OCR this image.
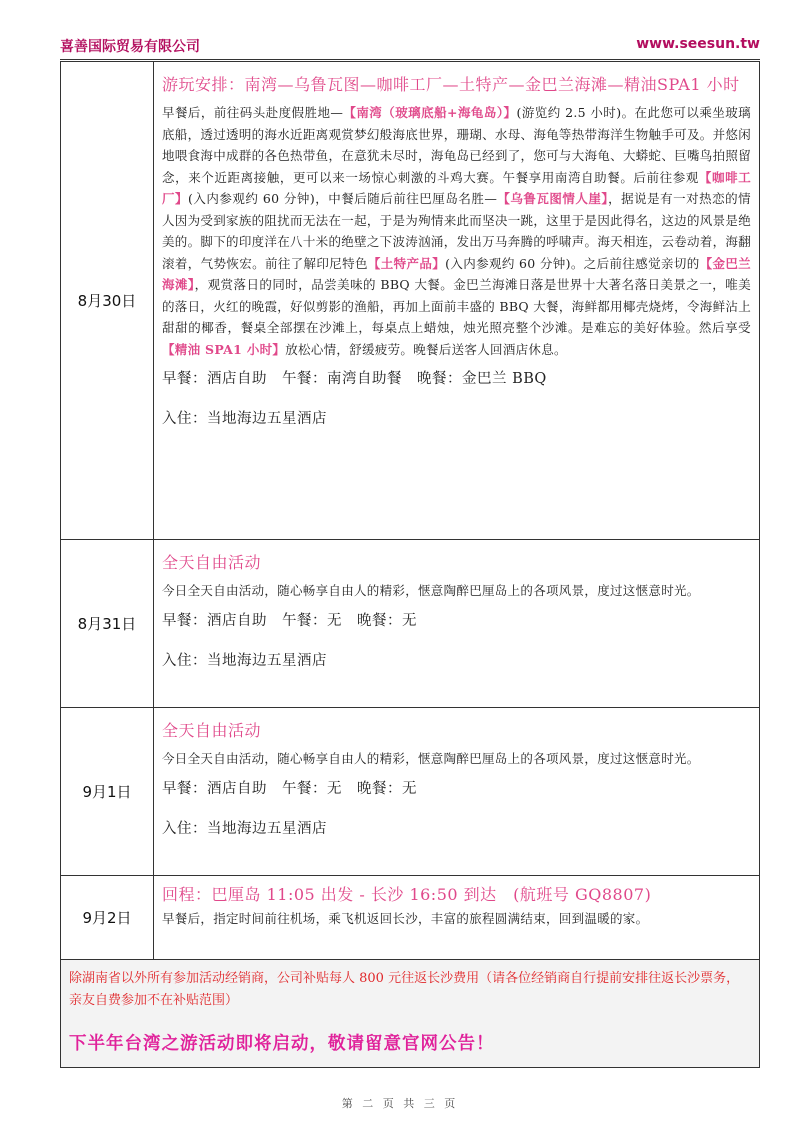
喜善国际贸易有限公司	www.seesun.tw
8月30日	游玩安排：南湾—乌鲁瓦图—咖啡工厂—土特产—金巴兰海滩—精油SPA1 小时
早餐后，前往码头赴度假胜地—【南湾（玻璃底船+海龟岛）】(游览约 2.5 小时)。在此您可以乘坐玻璃底船，透过透明的海水近距离观赏梦幻般海底世界，珊瑚、水母、海龟等热带海洋生物触手可及。并悠闲地喂食海中成群的各色热带鱼，在意犹未尽时，海龟岛已经到了，您可与大海龟、大蟒蛇、巨嘴鸟拍照留念，来个近距离接触，更可以来一场惊心刺激的斗鸡大赛。午餐享用南湾自助餐。后前往参观【咖啡工厂】(入内参观约 60 分钟)，中餐后随后前往巴厘岛名胜—【乌鲁瓦图情人崖】，据说是有一对热恋的情人因为受到家族的阻扰而无法在一起，于是为殉情来此而坚决一跳，这里于是因此得名，这边的风景是绝美的。脚下的印度洋在八十米的绝壁之下波涛汹涌，发出万马奔腾的呼啸声。海天相连，云卷动着，海翻滚着，气势恢宏。前往了解印尼特色【土特产品】(入内参观约 60 分钟)。之后前往感觉亲切的【金巴兰海滩】，观赏落日的同时，品尝美味的 BBQ 大餐。金巴兰海滩日落是世界十大著名落日美景之一，唯美的落日，火红的晚霞，好似剪影的渔船，再加上面前丰盛的 BBQ 大餐，海鲜都用椰壳烧烤，令海鲜沾上甜甜的椰香，餐桌全部摆在沙滩上，每桌点上蜡烛，烛光照亮整个沙滩。是难忘的美好体验。然后享受【精油 SPA1 小时】放松心情，舒缓疲劳。晚餐后送客人回酒店休息。
早餐：酒店自助　午餐：南湾自助餐　晚餐：金巴兰 BBQ
入住：当地海边五星酒店

8月31日	全天自由活动
今日全天自由活动，随心畅享自由人的精彩，惬意陶醉巴厘岛上的各项风景，度过这惬意时光。
早餐：酒店自助　午餐：无　晚餐：无
入住：当地海边五星酒店

9月1日	全天自由活动
今日全天自由活动，随心畅享自由人的精彩，惬意陶醉巴厘岛上的各项风景，度过这惬意时光。
早餐：酒店自助　午餐：无　晚餐：无
入住：当地海边五星酒店

9月2日	回程：巴厘岛 11:05 出发 - 长沙 16:50 到达　(航班号 GQ8807)
早餐后，指定时间前往机场，乘飞机返回长沙，丰富的旅程圆满结束，回到温暖的家。

除湖南省以外所有参加活动经销商，公司补贴每人 800 元往返长沙费用（请各位经销商自行提前安排往返长沙票务，亲友自费参加不在补贴范围）
下半年台湾之游活动即将启动，敬请留意官网公告！	
第 二 页 共 三 页
